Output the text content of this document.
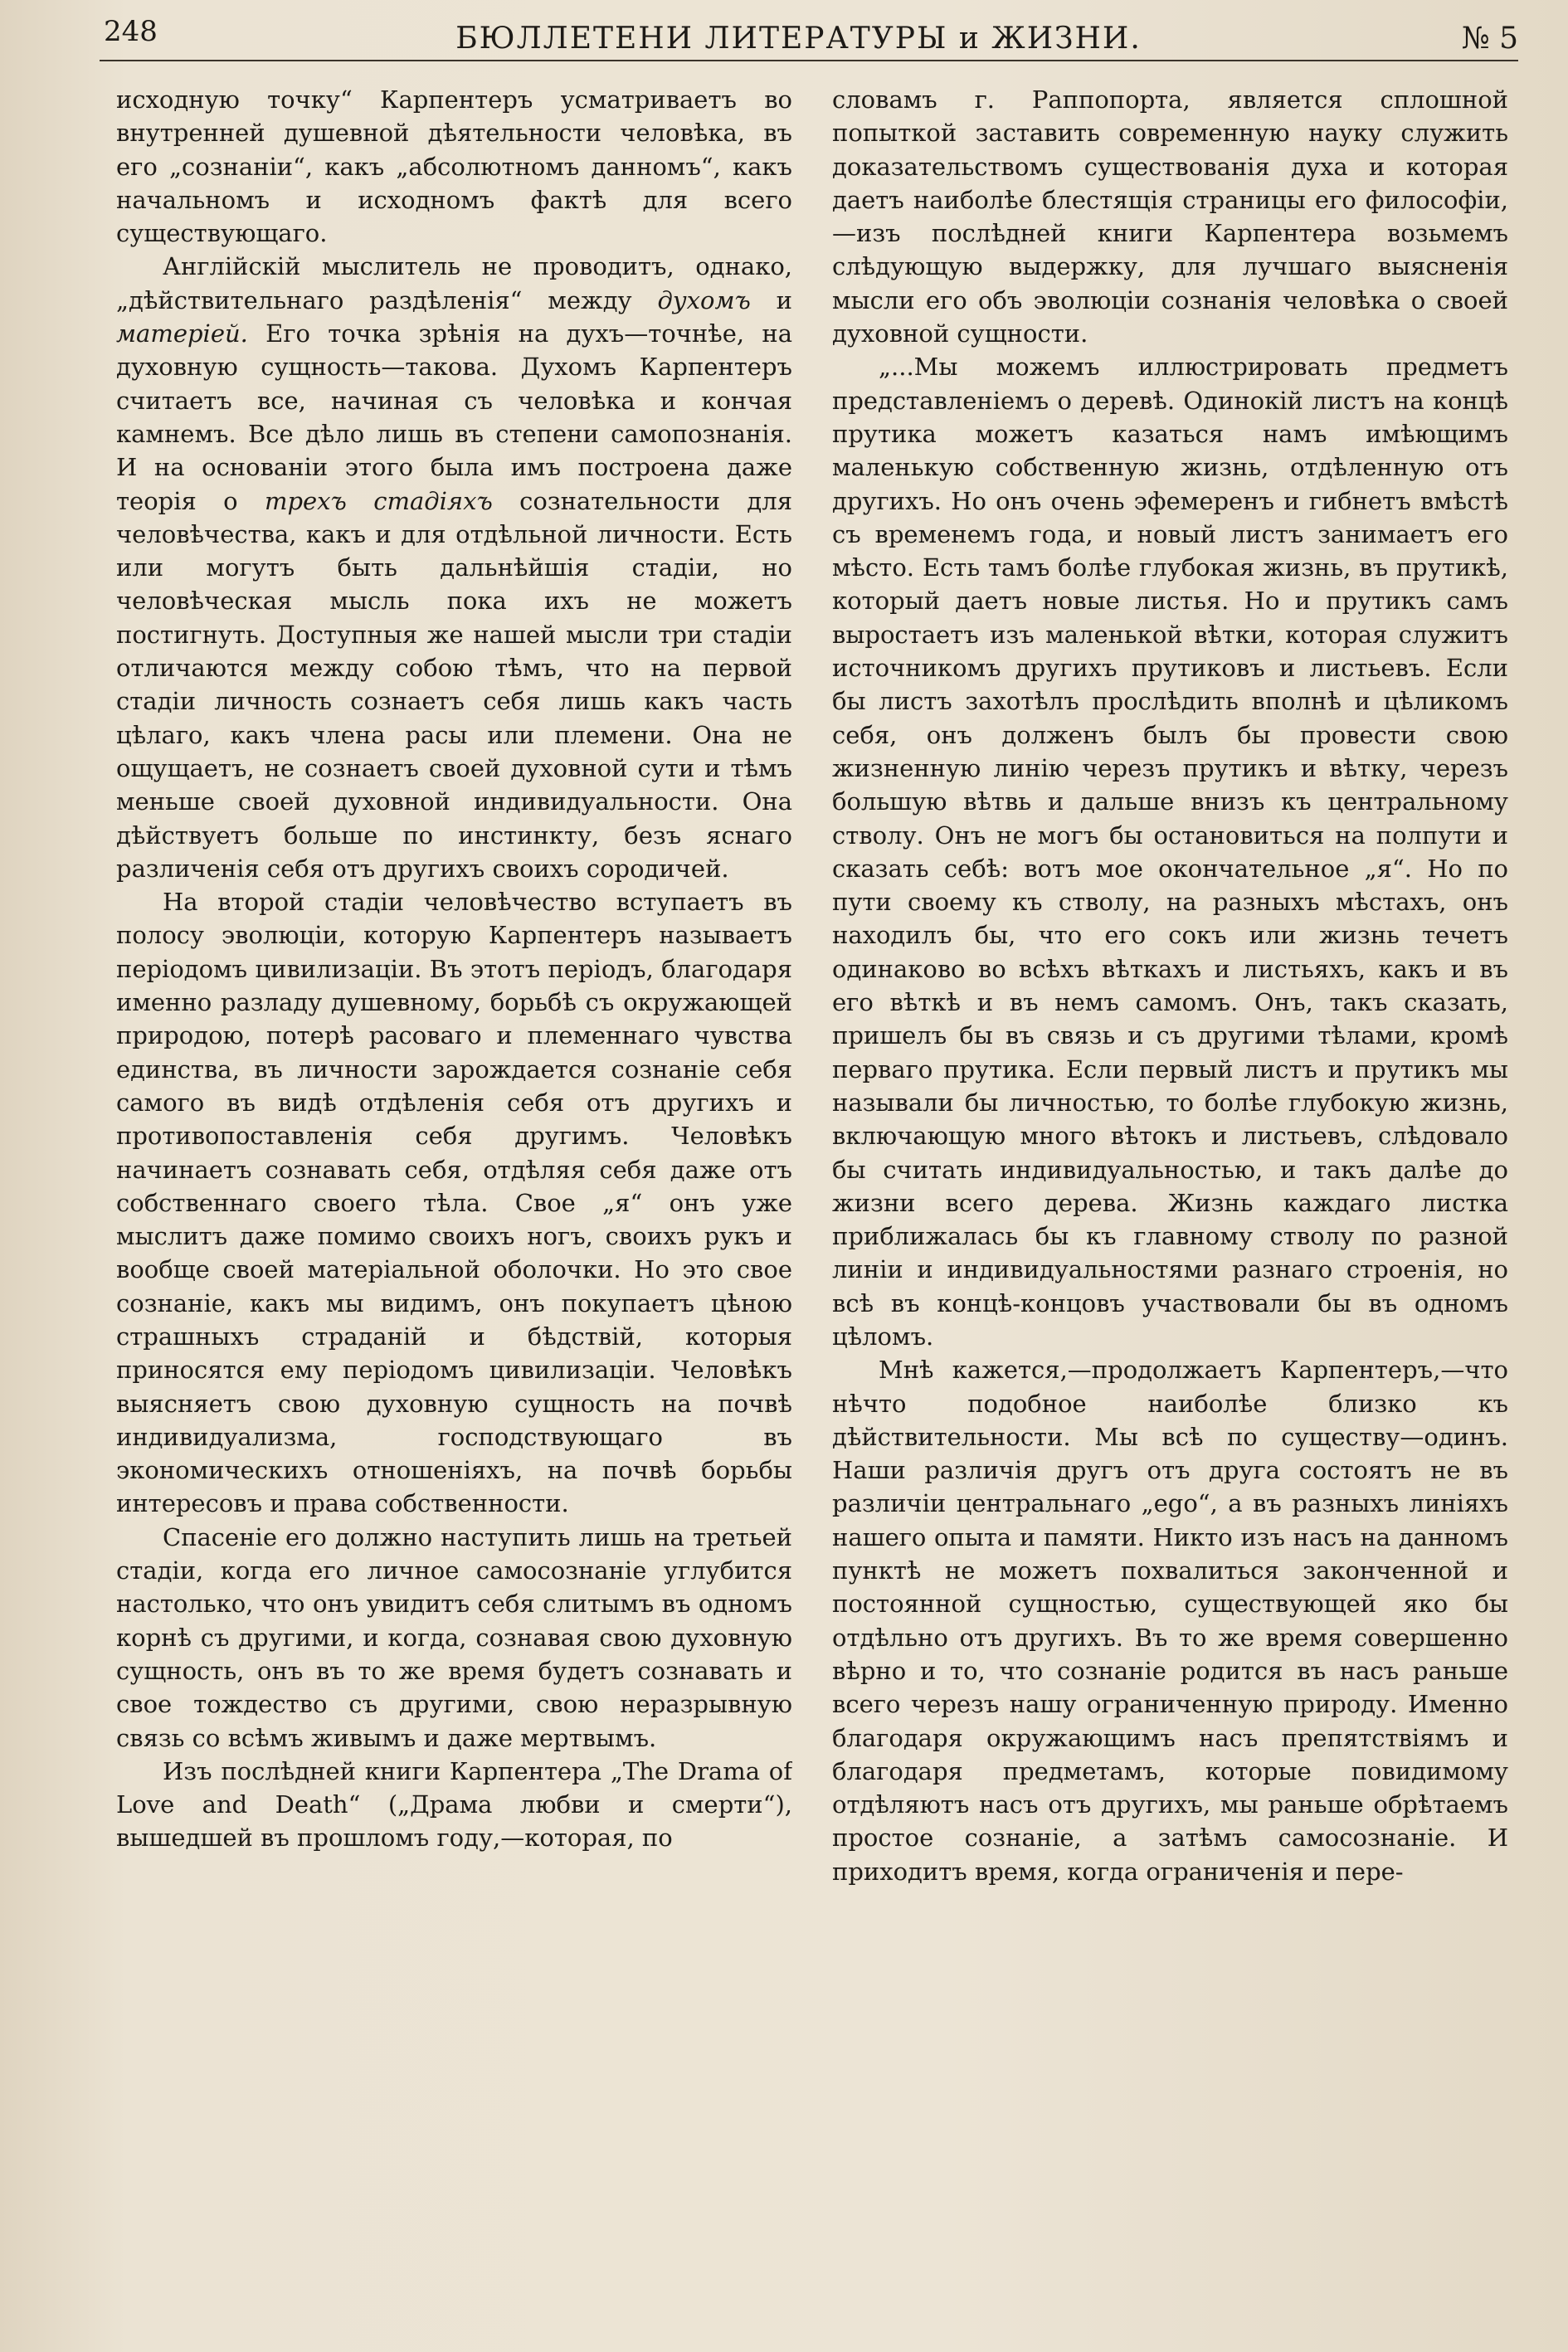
248	БЮЛЛЕТЕНИ ЛИТЕРАТУРЫ и ЖИЗНИ.	№ 5

исходную точку“ Карпентеръ усматриваетъ во внутренней душевной дѣятельности человѣка, въ его „сознаніи“, какъ „абсолютномъ данномъ“, какъ начальномъ и исходномъ фактѣ для всего существующаго.

Англійскій мыслитель не проводитъ, однако, „дѣйствительнаго раздѣленія“ между духомъ и матеріей. Его точка зрѣнія на духъ—точнѣе, на духовную сущность—такова. Духомъ Карпентеръ считаетъ все, начиная съ человѣка и кончая камнемъ. Все дѣло лишь въ степени самопознанія. И на основаніи этого была имъ построена даже теорія о трехъ стадіяхъ сознательности для человѣчества, какъ и для отдѣльной личности. Есть или могутъ быть дальнѣйшія стадіи, но человѣческая мысль пока ихъ не можетъ постигнуть. Доступныя же нашей мысли три стадіи отличаются между собою тѣмъ, что на первой стадіи личность сознаетъ себя лишь какъ часть цѣлаго, какъ члена расы или племени. Она не ощущаетъ, не сознаетъ своей духовной сути и тѣмъ меньше своей духовной индивидуальности. Она дѣйствуетъ больше по инстинкту, безъ яснаго различенія себя отъ другихъ своихъ сородичей.

На второй стадіи человѣчество вступаетъ въ полосу эволюціи, которую Карпентеръ называетъ періодомъ цивилизаціи. Въ этотъ періодъ, благодаря именно разладу душевному, борьбѣ съ окружающей природою, потерѣ расоваго и племеннаго чувства единства, въ личности зарождается сознаніе себя самого въ видѣ отдѣленія себя отъ другихъ и противопоставленія себя другимъ. Человѣкъ начинаетъ сознавать себя, отдѣляя себя даже отъ собственнаго своего тѣла. Свое „я“ онъ уже мыслитъ даже помимо своихъ ногъ, своихъ рукъ и вообще своей матеріальной оболочки. Но это свое сознаніе, какъ мы видимъ, онъ покупаетъ цѣною страшныхъ страданій и бѣдствій, которыя приносятся ему періодомъ цивилизаціи. Человѣкъ выясняетъ свою духовную сущность на почвѣ индивидуализма, господствующаго въ экономическихъ отношеніяхъ, на почвѣ борьбы интересовъ и права собственности.

Спасеніе его должно наступить лишь на третьей стадіи, когда его личное самосознаніе углубится настолько, что онъ увидитъ себя слитымъ въ одномъ корнѣ съ другими, и когда, сознавая свою духовную сущность, онъ въ то же время будетъ сознавать и свое тождество съ другими, свою неразрывную связь со всѣмъ живымъ и даже мертвымъ.

Изъ послѣдней книги Карпентера „The Drama of Love and Death“ („Драма любви и смерти“), вышедшей въ прошломъ году,—которая, по

словамъ г. Раппопорта, является сплошной попыткой заставить современную науку служить доказательствомъ существованія духа и которая даетъ наиболѣе блестящія страницы его философіи,—изъ послѣдней книги Карпентера возьмемъ слѣдующую выдержку, для лучшаго выясненія мысли его объ эволюціи сознанія человѣка о своей духовной сущности.

„...Мы можемъ иллюстрировать предметъ представленіемъ о деревѣ. Одинокій листъ на концѣ прутика можетъ казаться намъ имѣющимъ маленькую собственную жизнь, отдѣленную отъ другихъ. Но онъ очень эфемеренъ и гибнетъ вмѣстѣ съ временемъ года, и новый листъ занимаетъ его мѣсто. Есть тамъ болѣе глубокая жизнь, въ прутикѣ, который даетъ новые листья. Но и прутикъ самъ выростаетъ изъ маленькой вѣтки, которая служитъ источникомъ другихъ прутиковъ и листьевъ. Если бы листъ захотѣлъ прослѣдить вполнѣ и цѣликомъ себя, онъ долженъ былъ бы провести свою жизненную линію черезъ прутикъ и вѣтку, черезъ большую вѣтвь и дальше внизъ къ центральному стволу. Онъ не могъ бы остановиться на полпути и сказать себѣ: вотъ мое окончательное „я“. Но по пути своему къ стволу, на разныхъ мѣстахъ, онъ находилъ бы, что его сокъ или жизнь течетъ одинаково во всѣхъ вѣткахъ и листьяхъ, какъ и въ его вѣткѣ и въ немъ самомъ. Онъ, такъ сказать, пришелъ бы въ связь и съ другими тѣлами, кромѣ перваго прутика. Если первый листъ и прутикъ мы называли бы личностью, то болѣе глубокую жизнь, включающую много вѣтокъ и листьевъ, слѣдовало бы считать индивидуальностью, и такъ далѣе до жизни всего дерева. Жизнь каждаго листка приближалась бы къ главному стволу по разной линіи и индивидуальностями разнаго строенія, но всѣ въ концѣ-концовъ участвовали бы въ одномъ цѣломъ.

Мнѣ кажется,—продолжаетъ Карпентеръ,—что нѣчто подобное наиболѣе близко къ дѣйствительности. Мы всѣ по существу—одинъ. Наши различія другъ отъ друга состоятъ не въ различіи центральнаго „ego“, а въ разныхъ линіяхъ нашего опыта и памяти. Никто изъ насъ на данномъ пунктѣ не можетъ похвалиться законченной и постоянной сущностью, существующей яко бы отдѣльно отъ другихъ. Въ то же время совершенно вѣрно и то, что сознаніе родится въ насъ раньше всего черезъ нашу ограниченную природу. Именно благодаря окружающимъ насъ препятствіямъ и благодаря предметамъ, которые повидимому отдѣляютъ насъ отъ другихъ, мы раньше обрѣтаемъ простое сознаніе, а затѣмъ самосознаніе. И приходитъ время, когда ограниченія и пере-
